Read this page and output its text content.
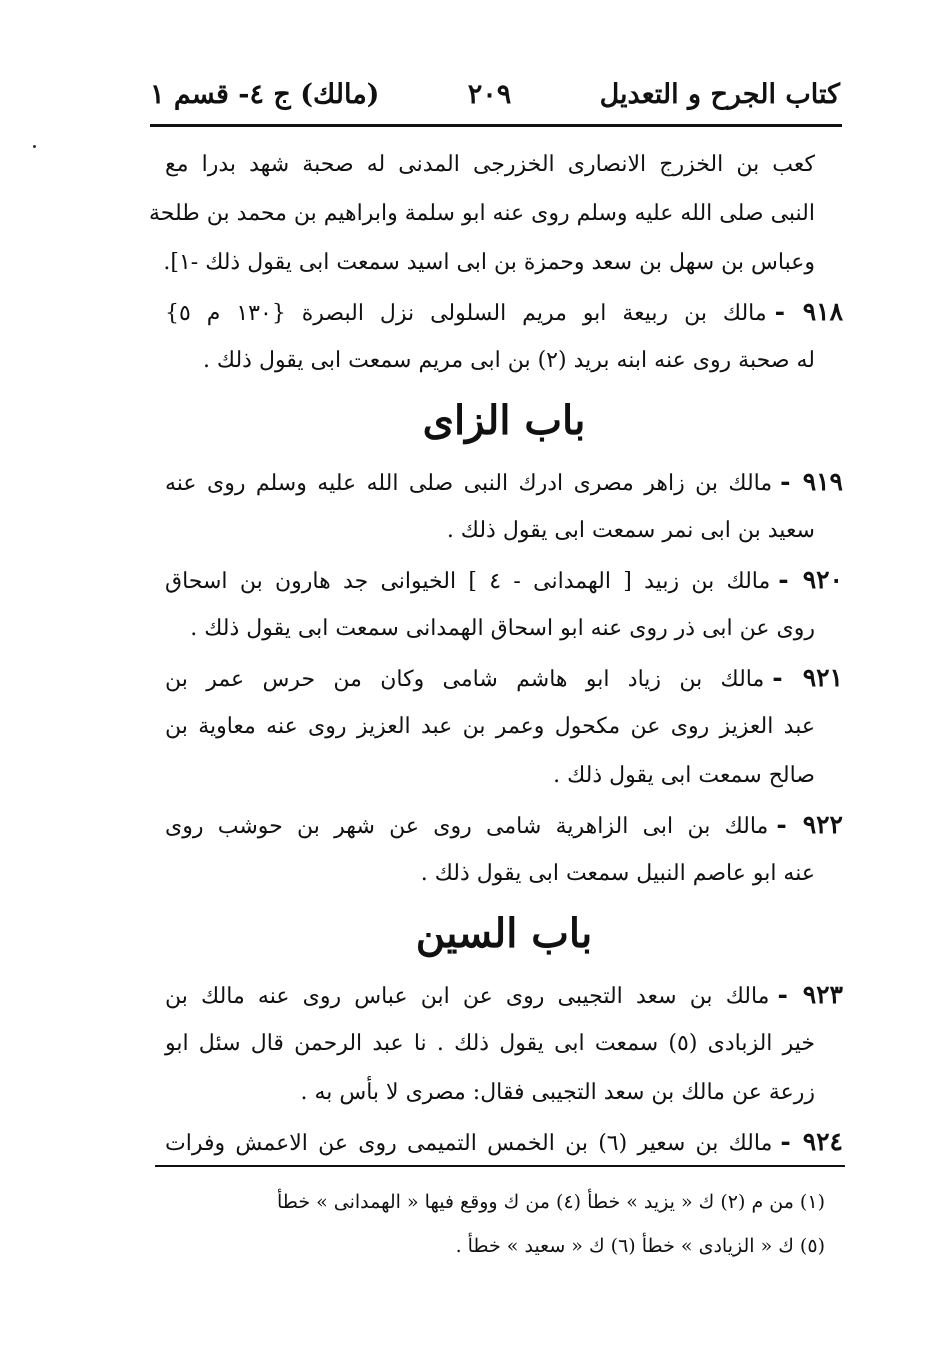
كتاب الجرح و التعديل
٢٠٩
(مالك) ج ٤- قسم ١
كعب بن الخزرج الانصارى الخزرجى المدنى له صحبة شهد بدرا مع
النبى صلى الله عليه وسلم روى عنه ابو سلمة وابراهيم بن محمد بن طلحة
وعباس بن سهل بن سعد وحمزة بن ابى اسيد سمعت ابى يقول ذلك -١].
٩١٨ -مالك بن ربيعة ابو مريم السلولى نزل البصرة {١٣٠ م ٥}
له صحبة روى عنه ابنه بريد (٢) بن ابى مريم سمعت ابى يقول ذلك .
باب الزاى
٩١٩ -مالك بن زاهر مصرى ادرك النبى صلى الله عليه وسلم روى عنه
سعيد بن ابى نمر سمعت ابى يقول ذلك .
٩٢٠ -مالك بن زبيد [ الهمدانى - ٤ ] الخيوانى جد هارون بن اسحاق
روى عن ابى ذر روى عنه ابو اسحاق الهمدانى سمعت ابى يقول ذلك .
٩٢١ -مالك بن زياد ابو هاشم شامى وكان من حرس عمر بن
عبد العزيز روى عن مكحول وعمر بن عبد العزيز روى عنه معاوية بن
صالح سمعت ابى يقول ذلك .
٩٢٢ -مالك بن ابى الزاهرية شامى روى عن شهر بن حوشب روى
عنه ابو عاصم النبيل سمعت ابى يقول ذلك .
باب السين
٩٢٣ -مالك بن سعد التجيبى روى عن ابن عباس روى عنه مالك بن
خير الزبادى (٥) سمعت ابى يقول ذلك . نا عبد الرحمن قال سئل ابو
زرعة عن مالك بن سعد التجيبى فقال: مصرى لا بأس به .
٩٢٤ -مالك بن سعير (٦) بن الخمس التميمى روى عن الاعمش وفرات
(١) من م (٢) ك « يزيد » خطأ (٤) من ك ووقع فيها « الهمدانى » خطأ
(٥) ك « الزيادى » خطأ (٦) ك « سعيد » خطأ .
